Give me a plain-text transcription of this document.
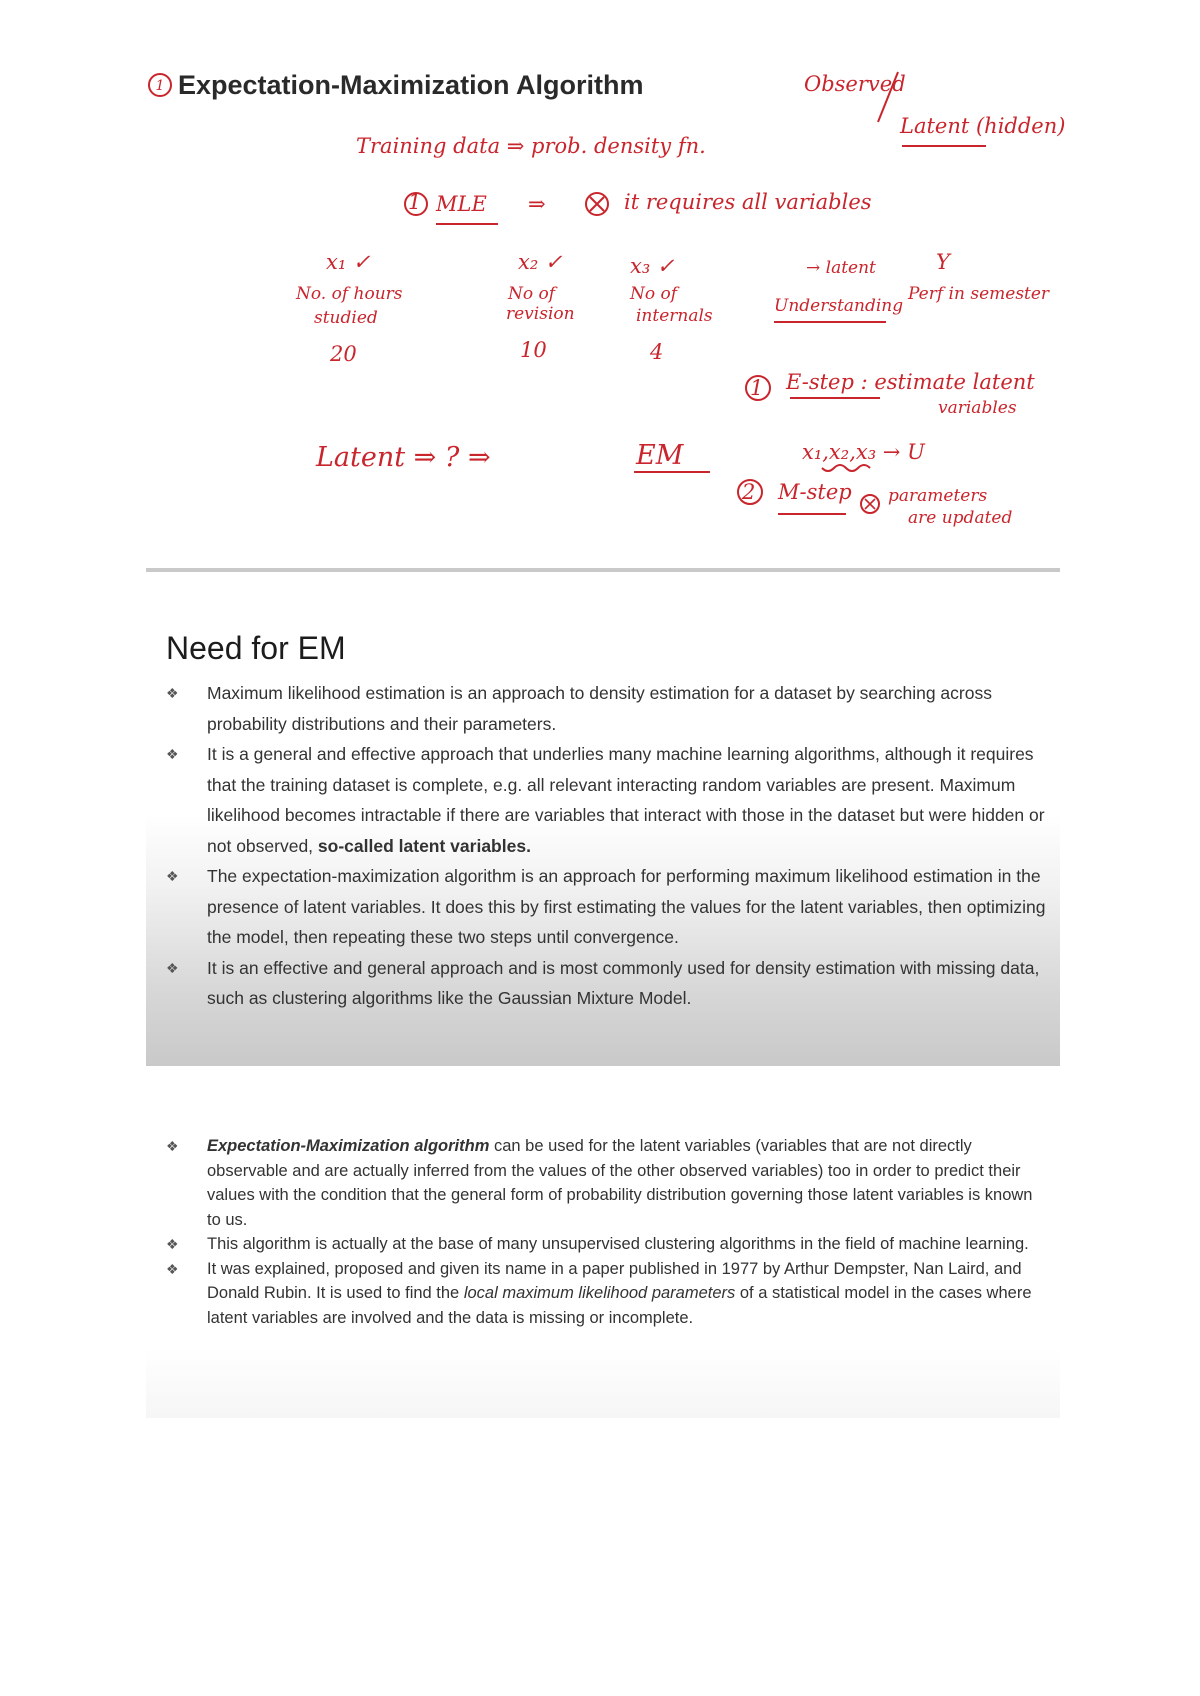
1 Expectation-Maximization Algorithm	Observed
Latent (hidden)
Training data ⇒ prob. density fn.
1 MLE ⇒	it requires all variables
x₁ ✓
No. of hours
studied
20
x₂ ✓
No of
revision
10
x₃ ✓
No of
internals
4
→ latent	Y
Understanding
Perf in semester
1 E-step : estimate latent
variables
Latent ⇒ ? ⇒	EM	x₁,x₂,x₃ → U
2 M-step parameters
are updated
Need for EM
❖ Maximum likelihood estimation is an approach to density estimation for a dataset by searching across probability distributions and their parameters.
❖ It is a general and effective approach that underlies many machine learning algorithms, although it requires that the training dataset is complete, e.g. all relevant interacting random variables are present. Maximum likelihood becomes intractable if there are variables that interact with those in the dataset but were hidden or not observed, so-called latent variables.
❖ The expectation-maximization algorithm is an approach for performing maximum likelihood estimation in the presence of latent variables. It does this by first estimating the values for the latent variables, then optimizing the model, then repeating these two steps until convergence.
❖ It is an effective and general approach and is most commonly used for density estimation with missing data, such as clustering algorithms like the Gaussian Mixture Model.
❖ Expectation-Maximization algorithm can be used for the latent variables (variables that are not directly observable and are actually inferred from the values of the other observed variables) too in order to predict their values with the condition that the general form of probability distribution governing those latent variables is known to us.
❖ This algorithm is actually at the base of many unsupervised clustering algorithms in the field of machine learning.
❖ It was explained, proposed and given its name in a paper published in 1977 by Arthur Dempster, Nan Laird, and Donald Rubin. It is used to find the local maximum likelihood parameters of a statistical model in the cases where latent variables are involved and the data is missing or incomplete.
